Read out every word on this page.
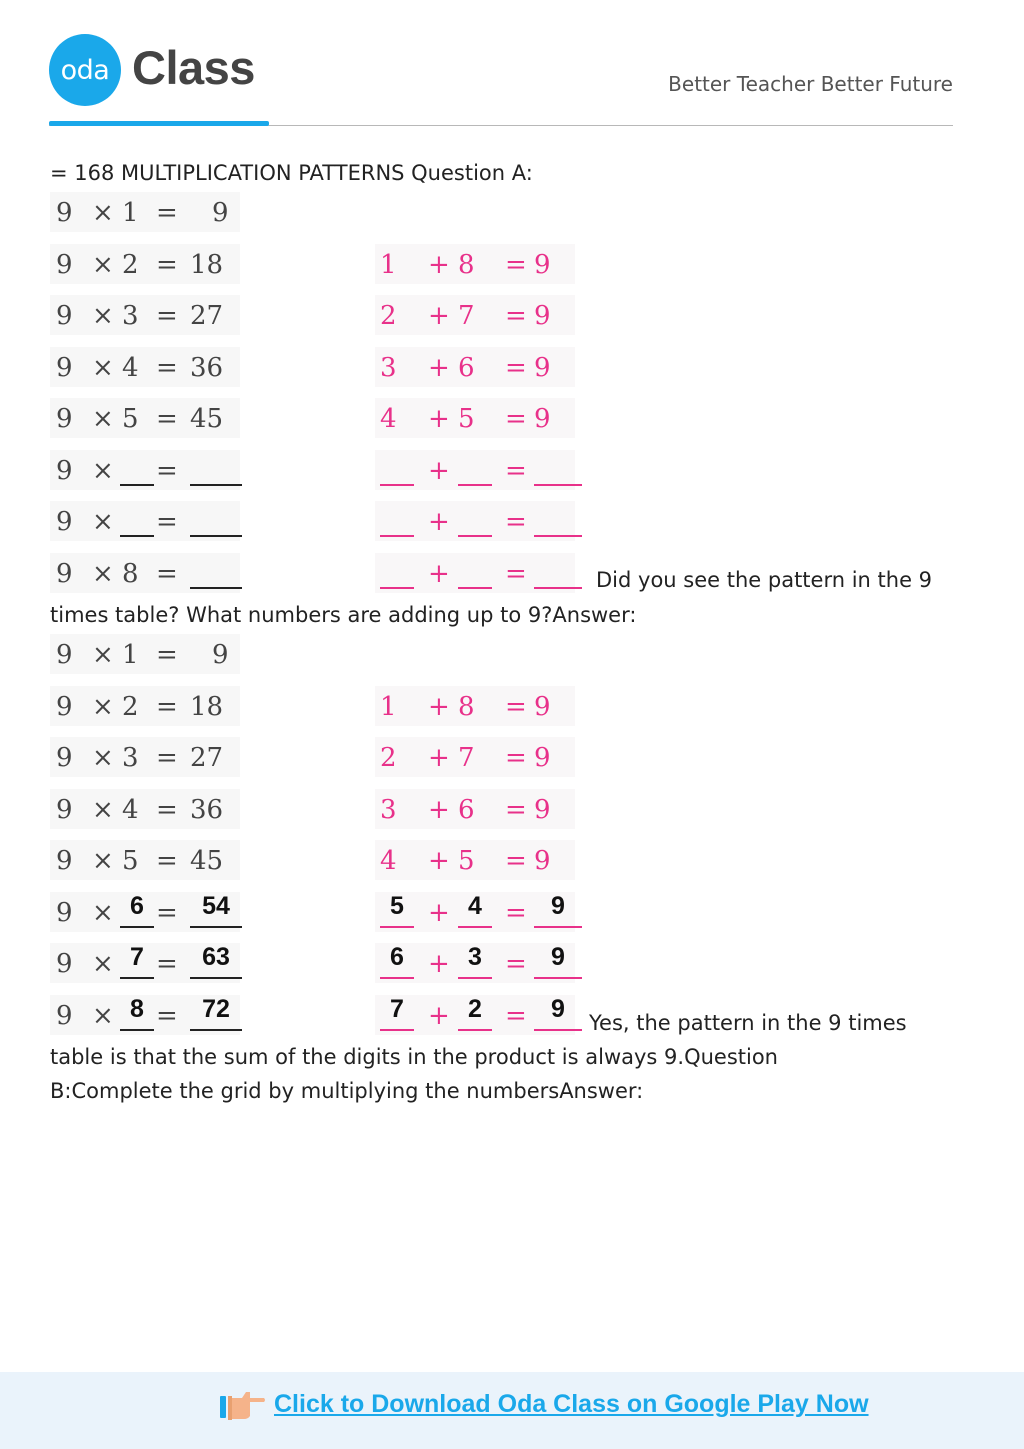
oda Class	Better Teacher Better Future
= 168 MULTIPLICATION PATTERNS Question A:
9 × 1 = 9
9 × 2 = 18	1 + 8 = 9
9 × 3 = 27	2 + 7 = 9
9 × 4 = 36	3 + 6 = 9
9 × 5 = 45	4 + 5 = 9
9 × =	+ =
9 × =	+ =
9 × 8 =	+ =	Did you see the pattern in the 9
times table? What numbers are adding up to 9?Answer:
9 × 1 = 9
9 × 2 = 18	1 + 8 = 9
9 × 3 = 27	2 + 7 = 9
9 × 4 = 36	3 + 6 = 9
9 × 5 = 45	4 + 5 = 9
9 × 6 = 54	5 + 4 = 9
9 × 7 = 63	6 + 3 = 9
9 × 8 = 72	7 + 2 = 9
Yes, the pattern in the 9 times
table is that the sum of the digits in the product is always 9.Question
B:Complete the grid by multiplying the numbersAnswer:
Click to Download Oda Class on Google Play Now
